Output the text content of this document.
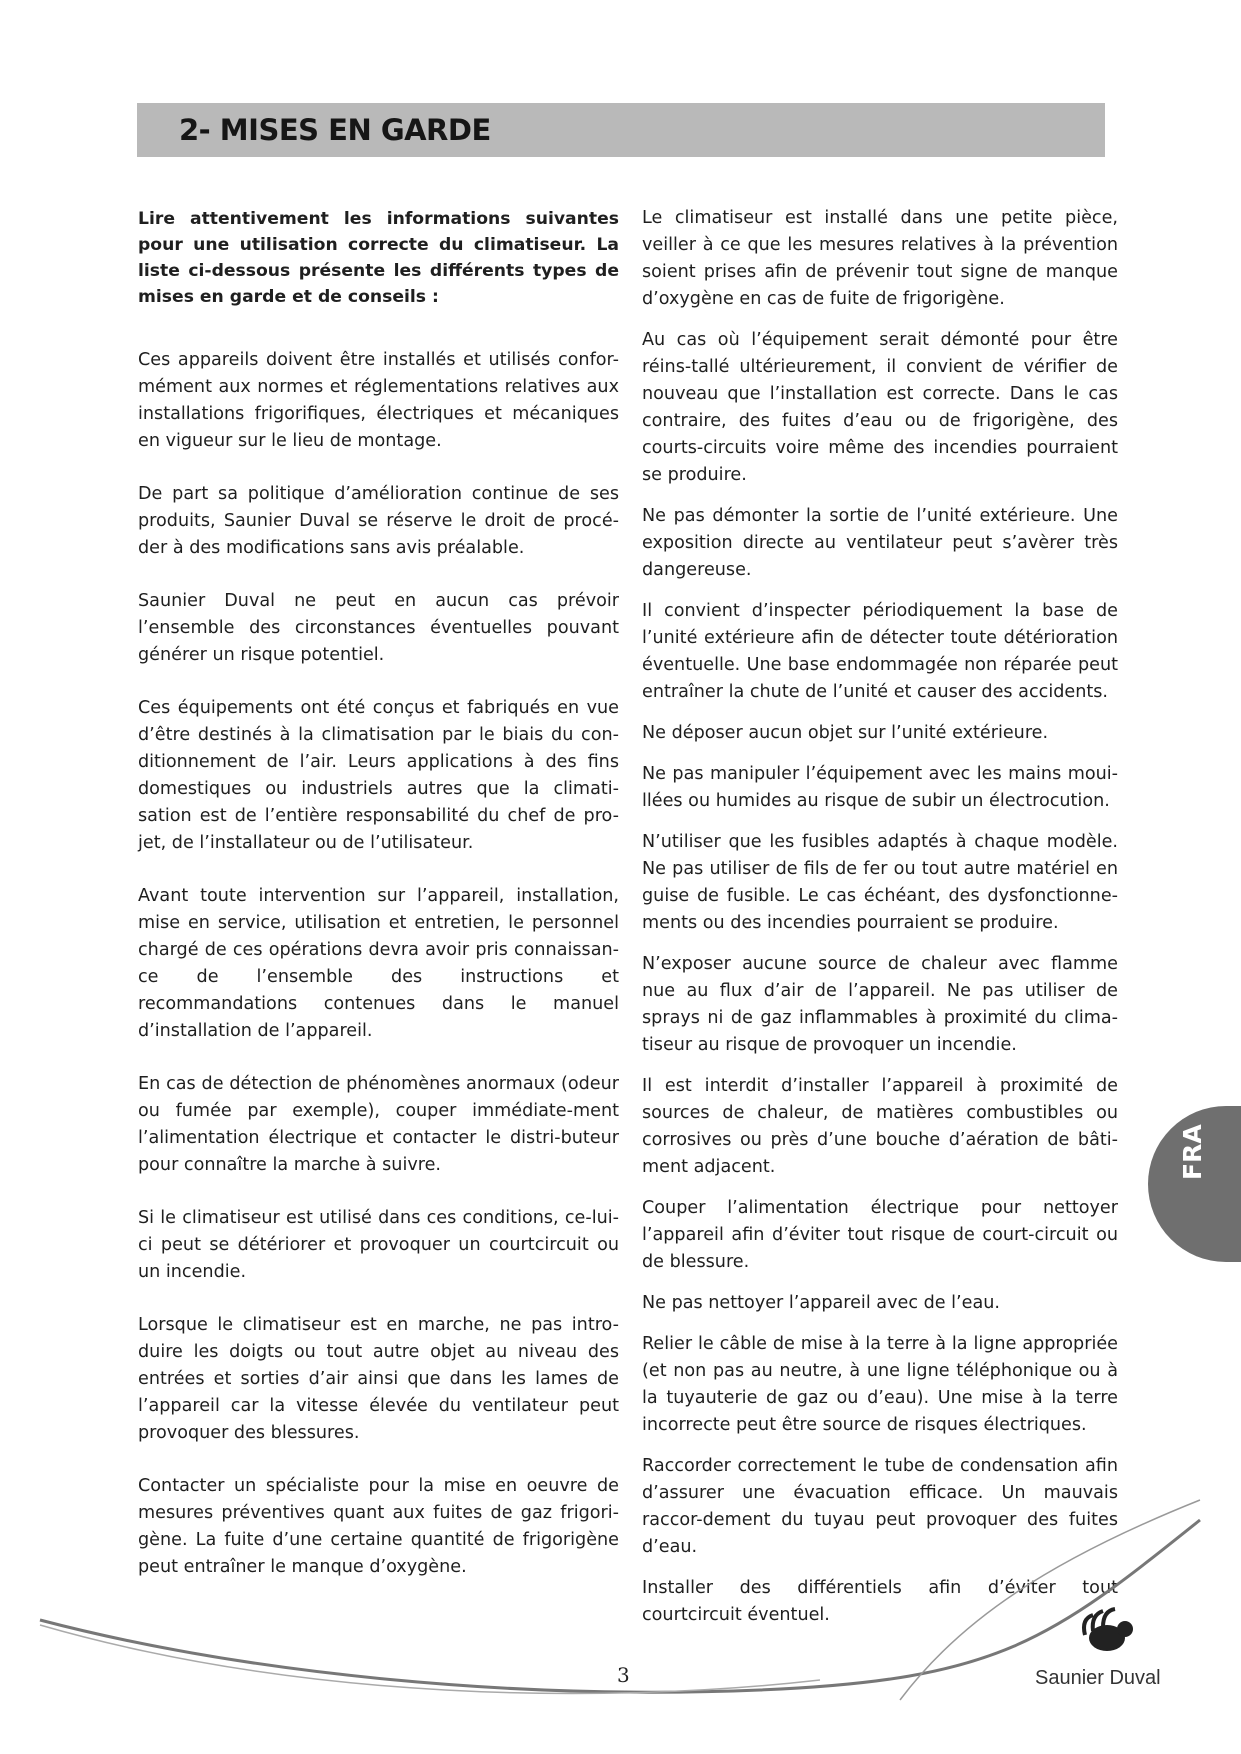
2- MISES EN GARDE

Lire attentivement les informations suivantes pour une utilisation correcte du climatiseur. La liste ci-dessous présente les différents types de mises en garde et de conseils :

Ces appareils doivent être installés et utilisés confor-mément aux normes et réglementations relatives aux installations frigorifiques, électriques et mécaniques en vigueur sur le lieu de montage.

De part sa politique d’amélioration continue de ses produits, Saunier Duval se réserve le droit de procé-der à des modifications sans avis préalable.

Saunier Duval ne peut en aucun cas prévoir l’ensemble des circonstances éventuelles pouvant générer un risque potentiel.

Ces équipements ont été conçus et fabriqués en vue d’être destinés à la climatisation par le biais du con-ditionnement de l’air. Leurs applications à des fins domestiques ou industriels autres que la climati-sation est de l’entière responsabilité du chef de pro-jet, de l’installateur ou de l’utilisateur.

Avant toute intervention sur l’appareil, installation, mise en service, utilisation et entretien, le personnel chargé de ces opérations devra avoir pris connaissan-ce de l’ensemble des instructions et recommandations contenues dans le manuel d’installation de l’appareil.

En cas de détection de phénomènes anormaux (odeur ou fumée par exemple), couper immédiate-ment l’alimentation électrique et contacter le distri-buteur pour connaître la marche à suivre.

Si le climatiseur est utilisé dans ces conditions, ce-lui-ci peut se détériorer et provoquer un courtcircuit ou un incendie.

Lorsque le climatiseur est en marche, ne pas intro-duire les doigts ou tout autre objet au niveau des entrées et sorties d’air ainsi que dans les lames de l’appareil car la vitesse élevée du ventilateur peut provoquer des blessures.

Contacter un spécialiste pour la mise en oeuvre de mesures préventives quant aux fuites de gaz frigori-gène. La fuite d’une certaine quantité de frigorigène peut entraîner le manque d’oxygène.

Le climatiseur est installé dans une petite pièce, veiller à ce que les mesures relatives à la prévention soient prises afin de prévenir tout signe de manque d’oxygène en cas de fuite de frigorigène.

Au cas où l’équipement serait démonté pour être réins-tallé ultérieurement, il convient de vérifier de nouveau que l’installation est correcte. Dans le cas contraire, des fuites d’eau ou de frigorigène, des courts-circuits voire même des incendies pourraient se produire.

Ne pas démonter la sortie de l’unité extérieure. Une exposition directe au ventilateur peut s’avèrer très dangereuse.

Il convient d’inspecter périodiquement la base de l’unité extérieure afin de détecter toute détérioration éventuelle. Une base endommagée non réparée peut entraîner la chute de l’unité et causer des accidents.

Ne déposer aucun objet sur l’unité extérieure.

Ne pas manipuler l’équipement avec les mains moui-llées ou humides au risque de subir un électrocution.

N’utiliser que les fusibles adaptés à chaque modèle. Ne pas utiliser de fils de fer ou tout autre matériel en guise de fusible. Le cas échéant, des dysfonctionne-ments ou des incendies pourraient se produire.

N’exposer aucune source de chaleur avec flamme nue au flux d’air de l’appareil. Ne pas utiliser de sprays ni de gaz inflammables à proximité du clima-tiseur au risque de provoquer un incendie.

Il est interdit d’installer l’appareil à proximité de sources de chaleur, de matières combustibles ou corrosives ou près d’une bouche d’aération de bâti-ment adjacent.

Couper l’alimentation électrique pour nettoyer l’appareil afin d’éviter tout risque de court-circuit ou de blessure.

Ne pas nettoyer l’appareil avec de l’eau.

Relier le câble de mise à la terre à la ligne appropriée (et non pas au neutre, à une ligne téléphonique ou à la tuyauterie de gaz ou d’eau). Une mise à la terre incorrecte peut être source de risques électriques.

Raccorder correctement le tube de condensation afin d’assurer une évacuation efficace. Un mauvais raccor-dement du tuyau peut provoquer des fuites d’eau.

Installer des différentiels afin d’éviter tout courtcircuit éventuel.

FRA
Saunier Duval
3
